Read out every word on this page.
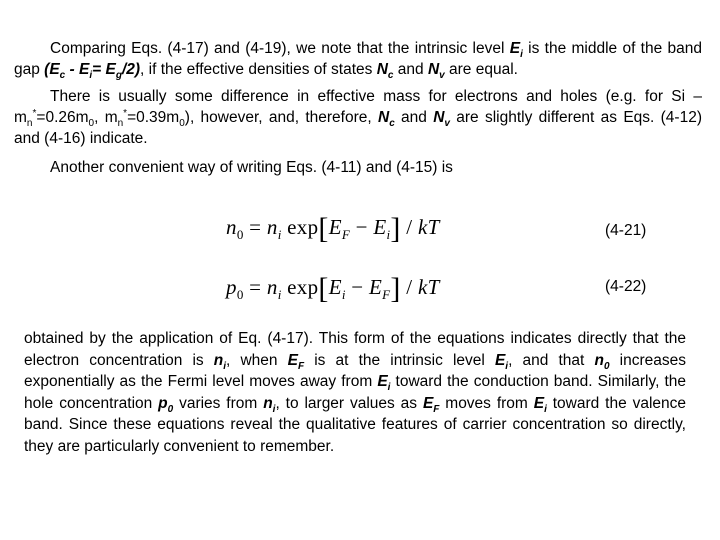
Comparing Eqs. (4-17) and (4-19), we note that the intrinsic level $E_i$ is the middle of the band gap $(E_c - E_i= E_g/2)$, if the effective densities of states $N_c$ and $N_v$ are equal.
There is usually some difference in effective mass for electrons and holes (e.g. for $Si - m_n^*=0.26m_0$, $m_n^*=0.39m_0$), however, and, therefore, $N_c$ and $N_v$ are slightly different as Eqs. (4-12) and (4-16) indicate.
Another convenient way of writing Eqs. (4-11) and (4-15) is
$n_0 = n_i$ $\exp[E_F - E_i]$ / kT	(4-21)
$p_0 = n_i$ $\exp[E_i - E_F]$ / kT	(4-22)
obtained by the application of Eq. (4-17). This form of the equations indicates directly that the electron concentration is $n_i$, when $E_F$ is at the intrinsic level $E_i$, and that $n_0$ increases exponentially as the Fermi level moves away from $E_i$ toward the conduction band. Similarly, the hole concentration $p_0$ varies from $n_i$, to larger values as $E_F$ moves from $E_i$ toward the valence band. Since these equations reveal the qualitative features of carrier concentration so directly, they are particularly convenient to remember.
